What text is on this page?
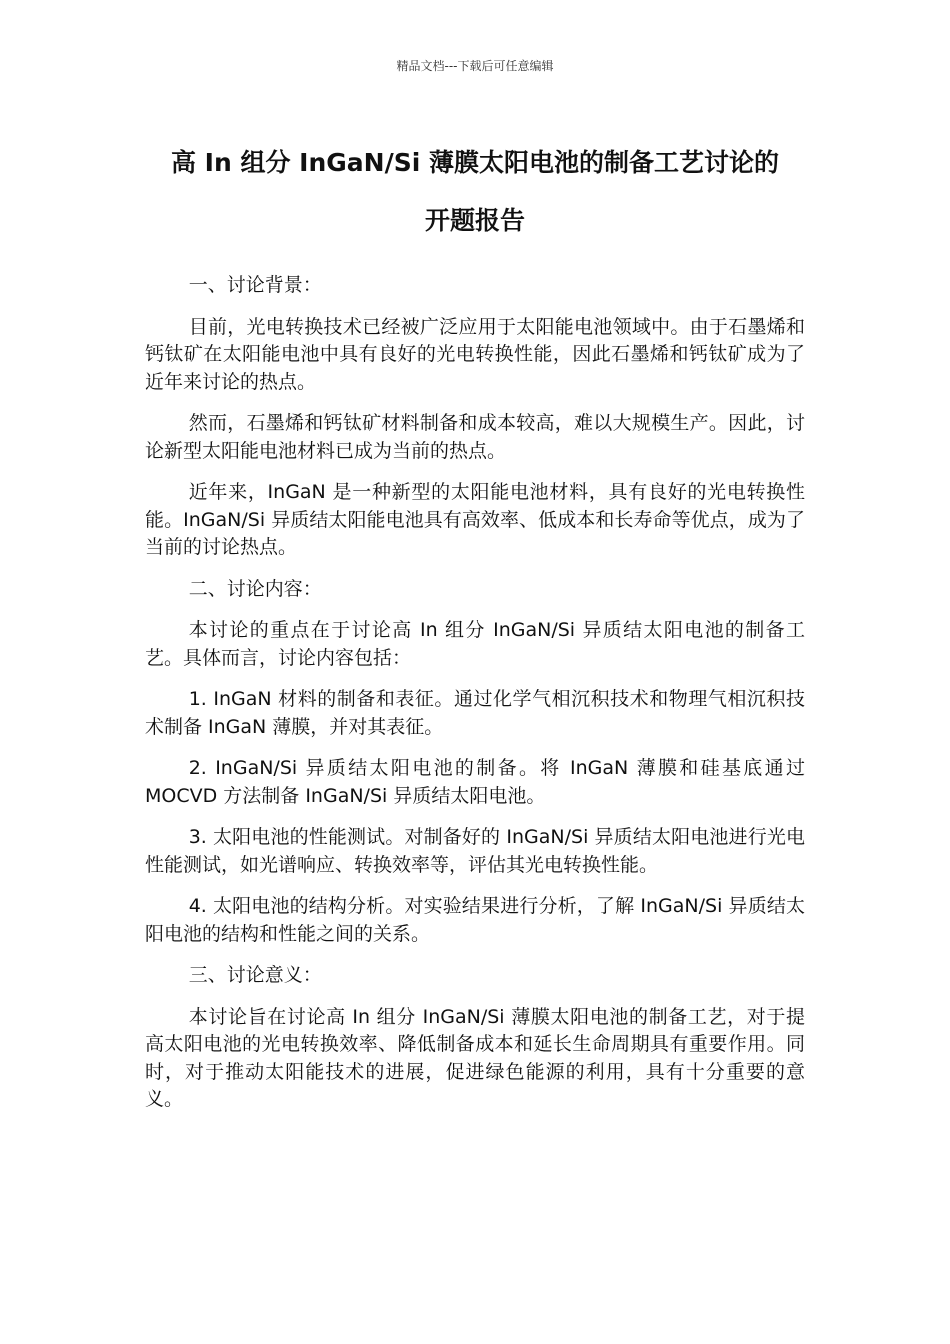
精品文档---下载后可任意编辑
高 In 组分 InGaN/Si 薄膜太阳电池的制备工艺讨论的
开题报告

一、讨论背景：

目前，光电转换技术已经被广泛应用于太阳能电池领域中。由于石墨烯和钙钛矿在太阳能电池中具有良好的光电转换性能，因此石墨烯和钙钛矿成为了近年来讨论的热点。

然而，石墨烯和钙钛矿材料制备和成本较高，难以大规模生产。因此，讨论新型太阳能电池材料已成为当前的热点。

近年来，InGaN 是一种新型的太阳能电池材料，具有良好的光电转换性能。InGaN/Si 异质结太阳能电池具有高效率、低成本和长寿命等优点，成为了当前的讨论热点。

二、讨论内容：

本讨论的重点在于讨论高 In 组分 InGaN/Si 异质结太阳电池的制备工艺。具体而言，讨论内容包括：

1. InGaN 材料的制备和表征。通过化学气相沉积技术和物理气相沉积技术制备 InGaN 薄膜，并对其表征。

2. InGaN/Si 异质结太阳电池的制备。将 InGaN 薄膜和硅基底通过 MOCVD 方法制备 InGaN/Si 异质结太阳电池。

3. 太阳电池的性能测试。对制备好的 InGaN/Si 异质结太阳电池进行光电性能测试，如光谱响应、转换效率等，评估其光电转换性能。

4. 太阳电池的结构分析。对实验结果进行分析，了解 InGaN/Si 异质结太阳电池的结构和性能之间的关系。

三、讨论意义：

本讨论旨在讨论高 In 组分 InGaN/Si 薄膜太阳电池的制备工艺，对于提高太阳电池的光电转换效率、降低制备成本和延长生命周期具有重要作用。同时，对于推动太阳能技术的进展，促进绿色能源的利用，具有十分重要的意义。
